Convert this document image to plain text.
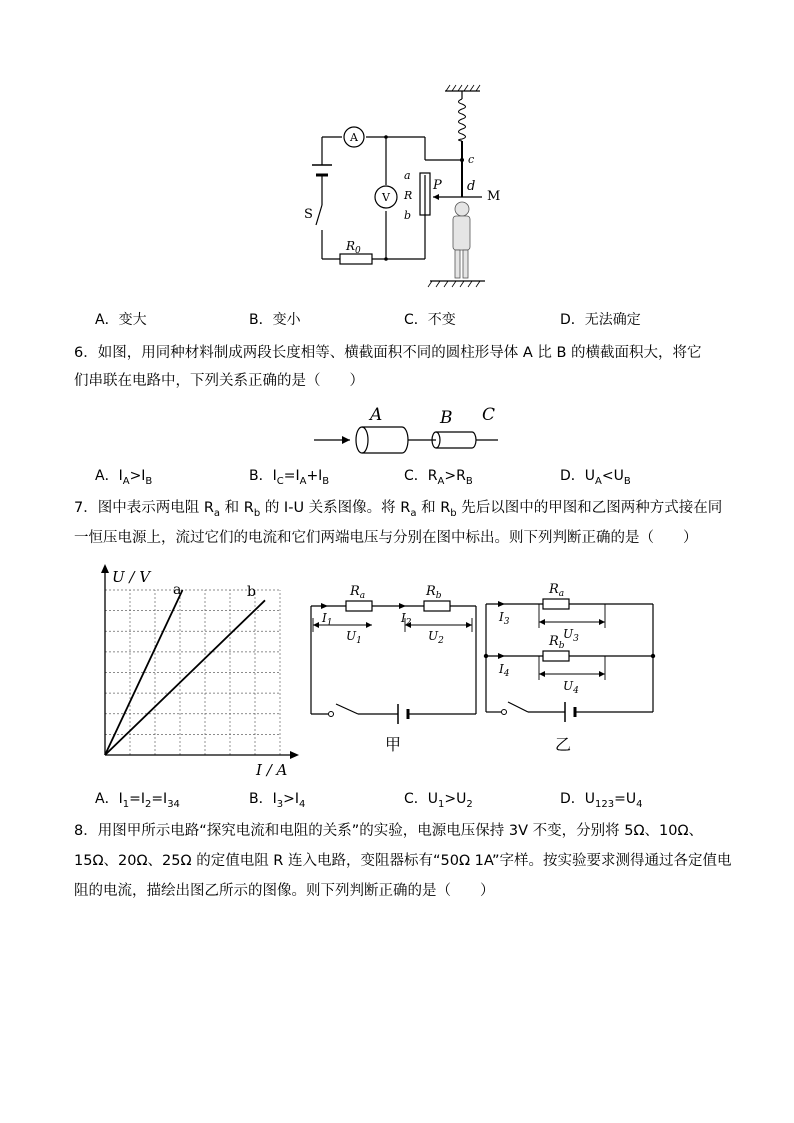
A
V
S
$R_0$
a
R
b
P
c
d
M
A．变大	B．变小	C．不变	D．无法确定
6．如图，用同种材料制成两段长度相等、横截面积不同的圆柱形导体 A 比 B 的横截面积大，将它
们串联在电路中，下列关系正确的是（　　）
A	B C
A．$I_A>I_B$	B．$I_C=I_A+I_B$	C．$R_A>R_B$	D．$U_A<U_B$
7．图中表示两电阻 $R_a$ 和 $R_b$ 的 I-U 关系图像。将 $R_a$ 和 $R_b$ 先后以图中的甲图和乙图两种方式接在同
一恒压电源上，流过它们的电流和它们两端电压与分别在图中标出。则下列判断正确的是（　　）
U / V
I / A
a	b	$R_a$	$R_b$
$I_1$	$I_2$
$U_1$	$U_2$
甲
$R_a$
$R_b$
$I_3$
$I_4$
$U_3$
$U_4$
乙
A．$I_1=I_2=I_{34}$	B．$I_3>I_4$	C．$U_1>U_2$	D．$U_{123}=U_4$
8．用图甲所示电路“探究电流和电阻的关系”的实验，电源电压保持 3V 不变，分别将 5Ω、10Ω、
15Ω、20Ω、25Ω 的定值电阻 R 连入电路，变阻器标有“50Ω 1A”字样。按实验要求测得通过各定值电
阻的电流，描绘出图乙所示的图像。则下列判断正确的是（　　）
